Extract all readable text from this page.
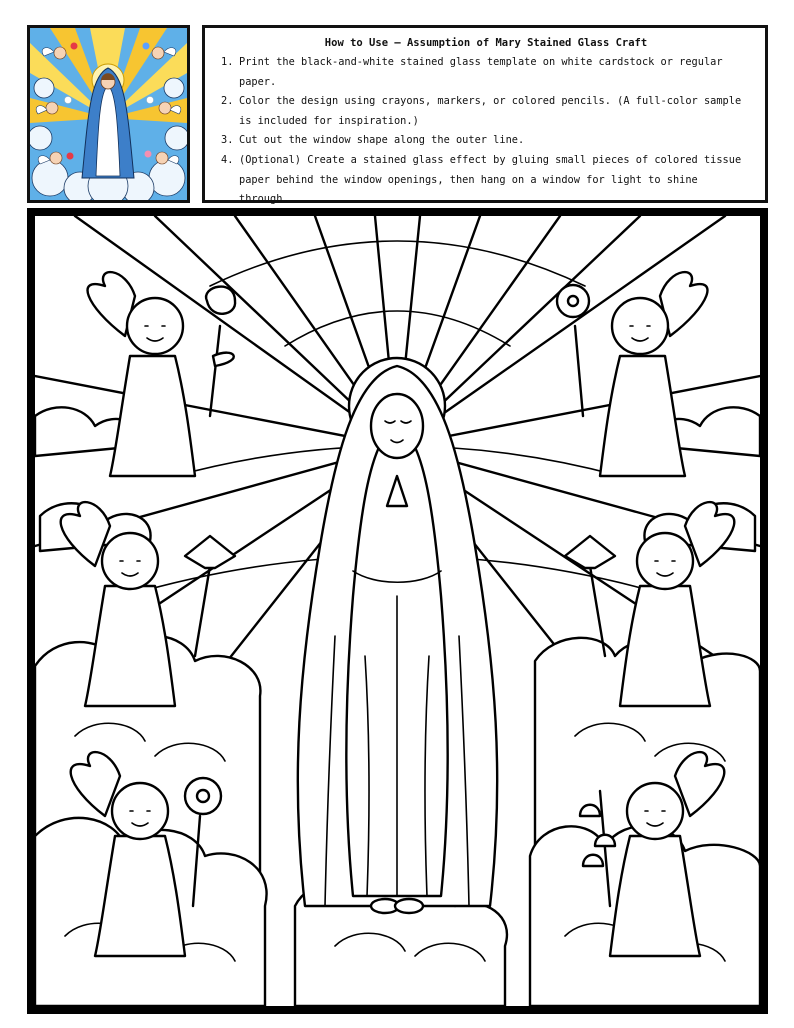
How to Use – Assumption of Mary Stained Glass Craft
1. Print the black-and-white stained glass template on white cardstock or regular paper.
2. Color the design using crayons, markers, or colored pencils. (A full-color sample is included for inspiration.)
3. Cut out the window shape along the outer line.
4. (Optional) Create a stained glass effect by gluing small pieces of colored tissue paper behind the window openings, then hang on a window for light to shine through.
